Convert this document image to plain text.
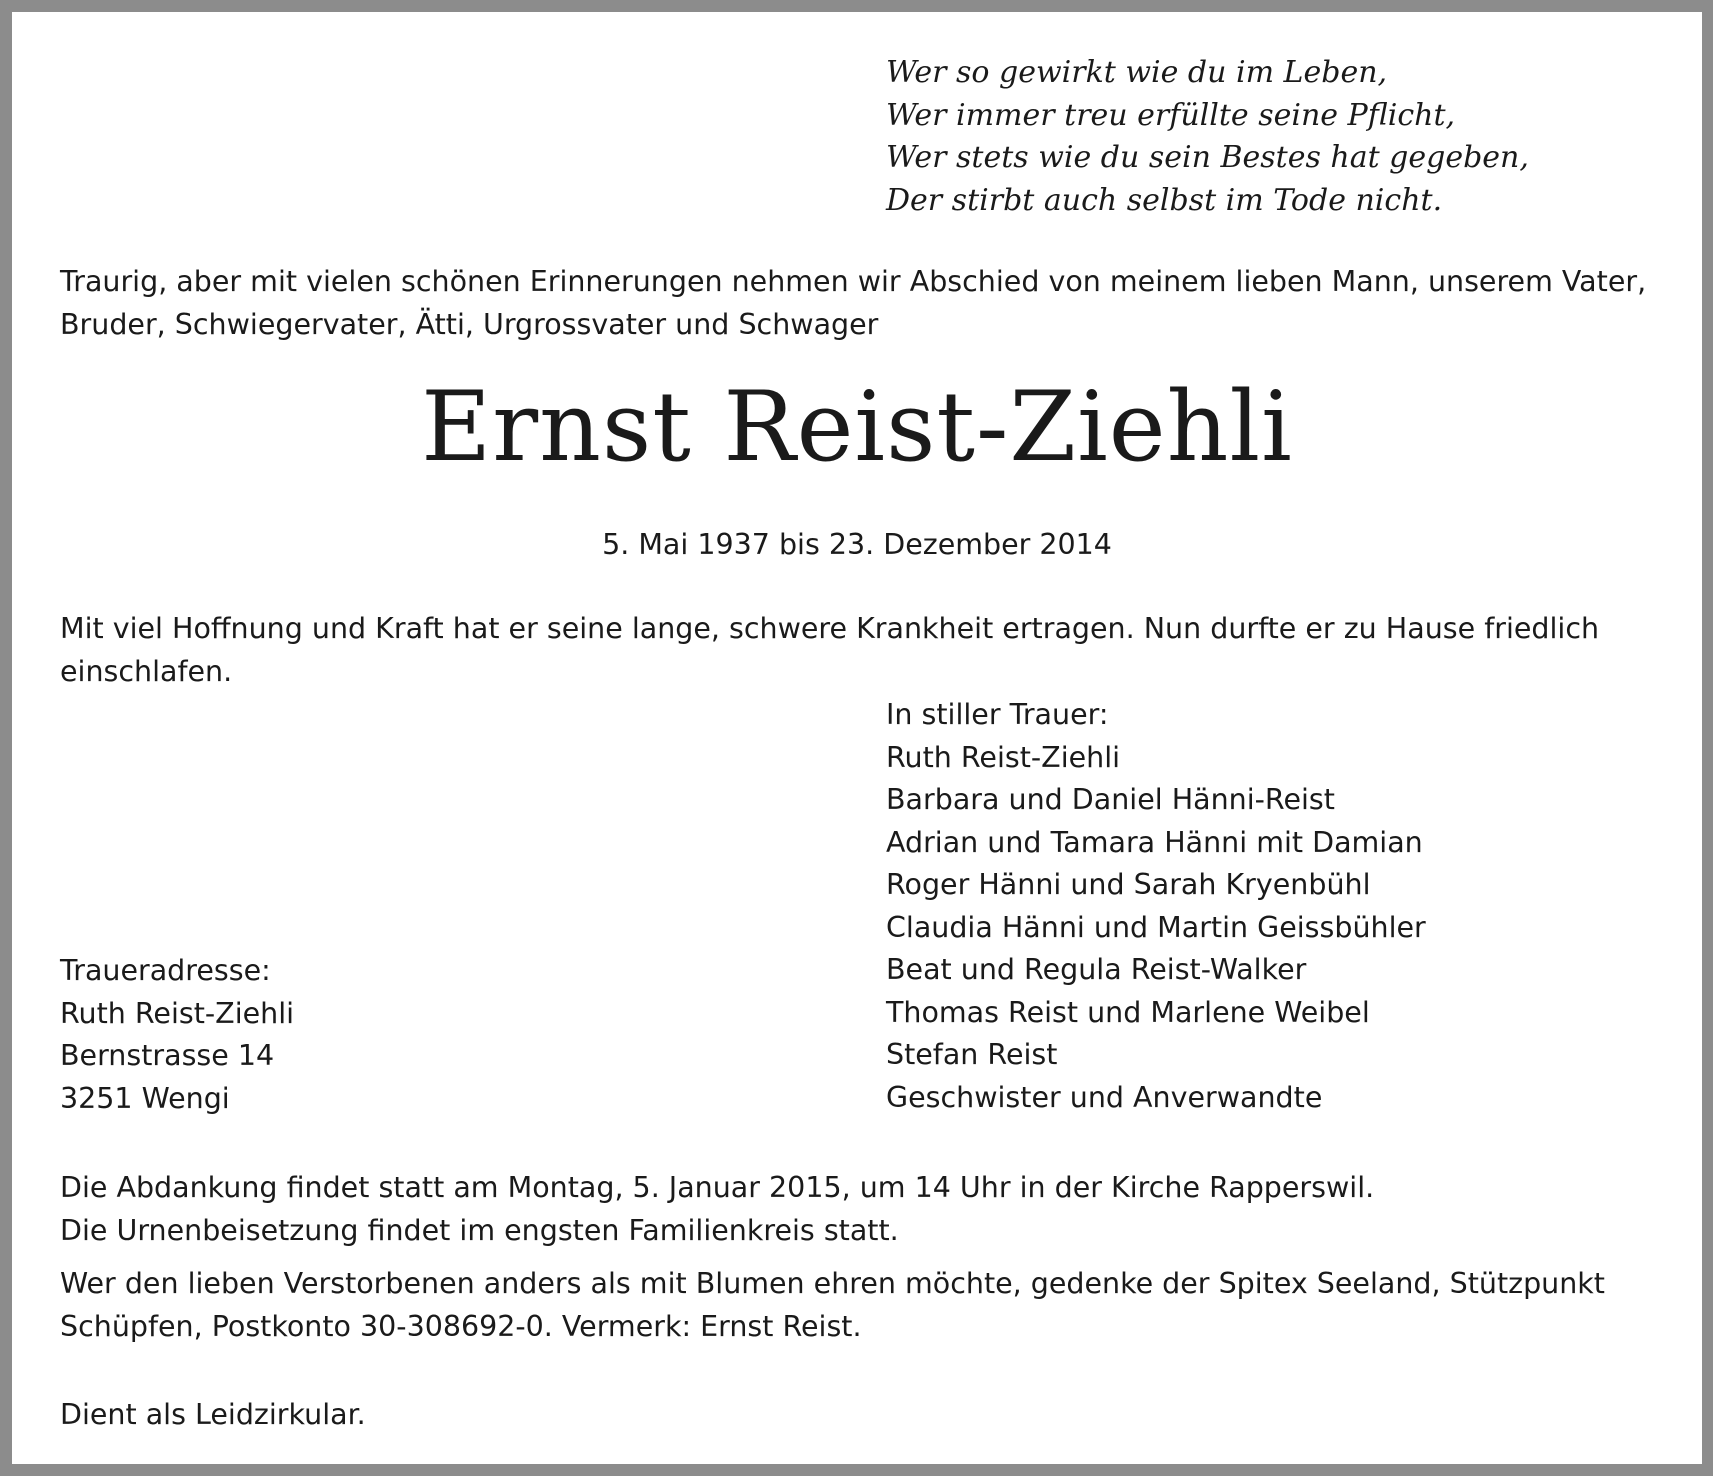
Wer so gewirkt wie du im Leben,
Wer immer treu erfüllte seine Pflicht,
Wer stets wie du sein Bestes hat gegeben,
Der stirbt auch selbst im Tode nicht.

Traurig, aber mit vielen schönen Erinnerungen nehmen wir Abschied von meinem lieben Mann, unserem Vater, Bruder, Schwiegervater, Ätti, Urgrossvater und Schwager

Ernst Reist-Ziehli

5. Mai 1937 bis 23. Dezember 2014

Mit viel Hoffnung und Kraft hat er seine lange, schwere Krankheit ertragen. Nun durfte er zu Hause friedlich einschlafen.

In stiller Trauer:
Ruth Reist-Ziehli
Barbara und Daniel Hänni-Reist
Adrian und Tamara Hänni mit Damian
Roger Hänni und Sarah Kryenbühl
Claudia Hänni und Martin Geissbühler
Beat und Regula Reist-Walker
Thomas Reist und Marlene Weibel
Stefan Reist
Geschwister und Anverwandte
Traueradresse:
Ruth Reist-Ziehli
Bernstrasse 14
3251 Wengi
Die Abdankung findet statt am Montag, 5. Januar 2015, um 14 Uhr in der Kirche Rapperswil.
Die Urnenbeisetzung findet im engsten Familienkreis statt.

Wer den lieben Verstorbenen anders als mit Blumen ehren möchte, gedenke der Spitex Seeland, Stützpunkt Schüpfen, Postkonto 30-308692-0. Vermerk: Ernst Reist.

Dient als Leidzirkular.
